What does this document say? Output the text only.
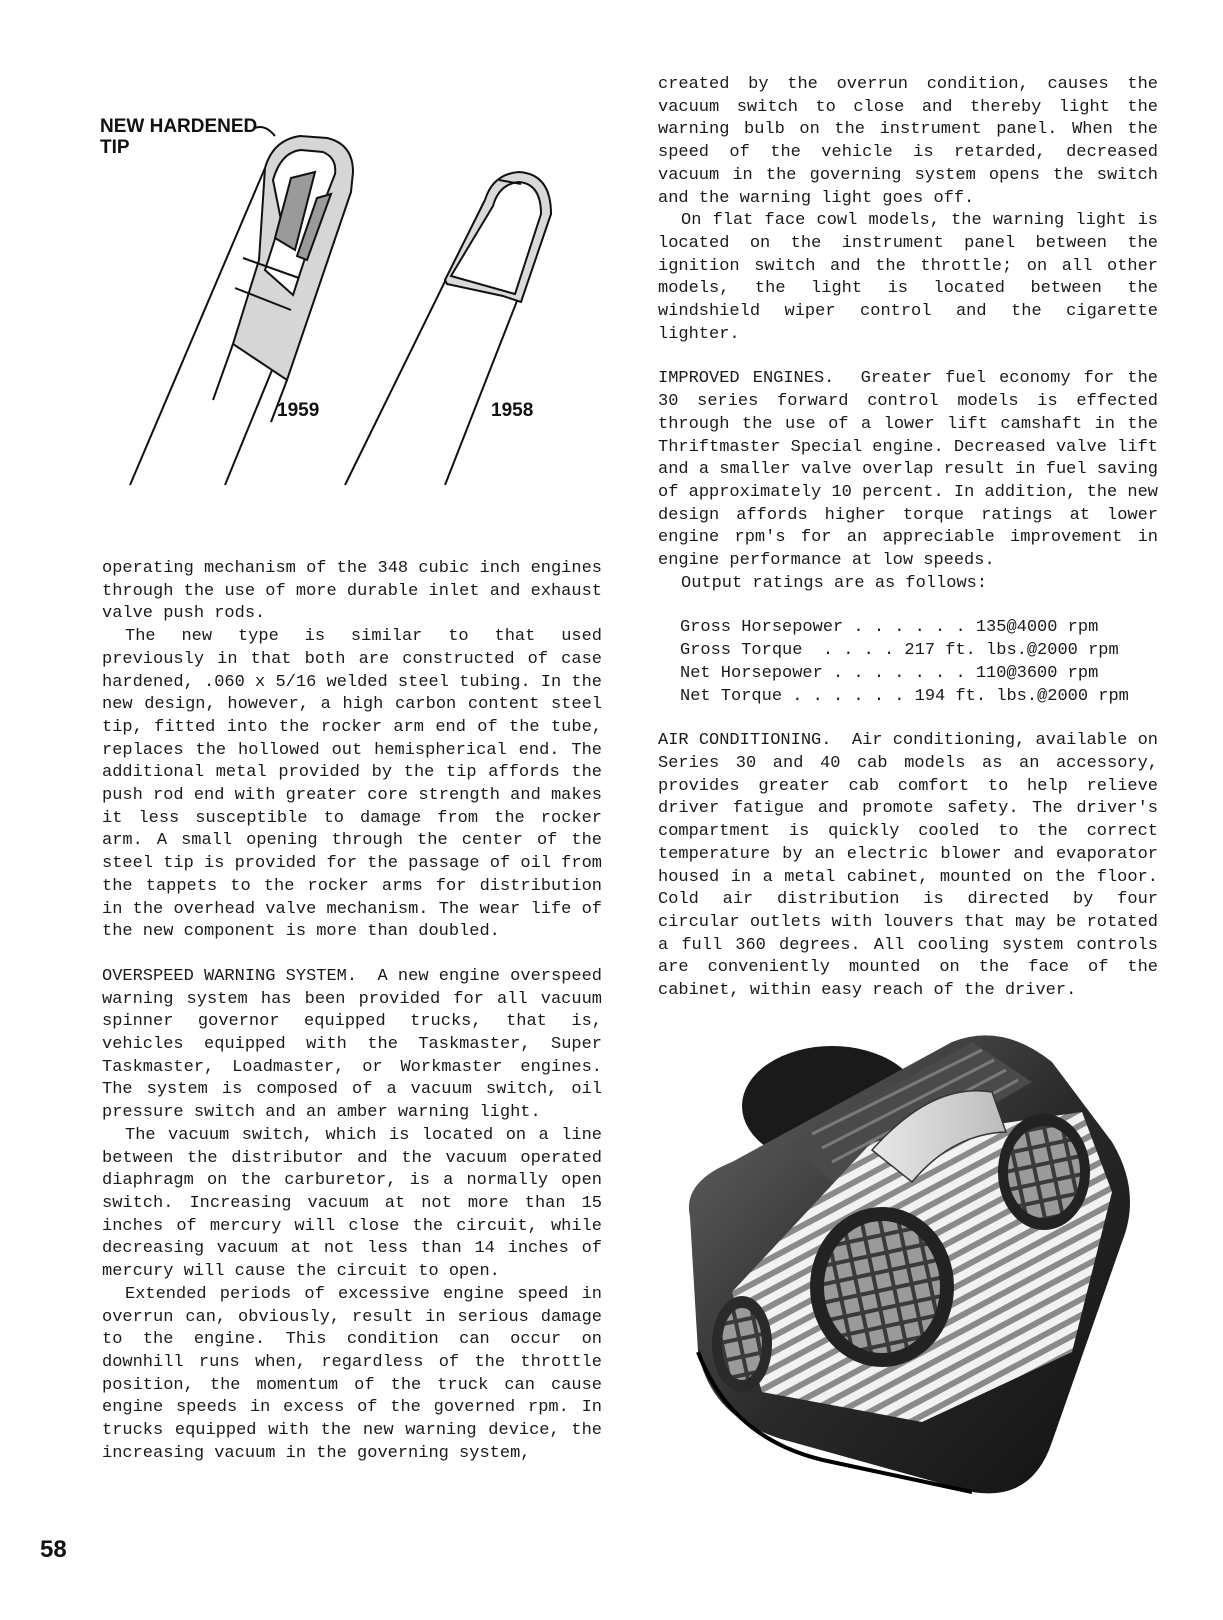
NEW HARDENED
TIP
1959	1958

operating mechanism of the 348 cubic inch engines through the use of more durable inlet and exhaust valve push rods.

The new type is similar to that used previously in that both are constructed of case hardened, .060 x 5/16 welded steel tubing. In the new design, however, a high carbon content steel tip, fitted into the rocker arm end of the tube, replaces the hollowed out hemispherical end. The additional metal provided by the tip affords the push rod end with greater core strength and makes it less susceptible to damage from the rocker arm. A small opening through the center of the steel tip is provided for the passage of oil from the tappets to the rocker arms for distribution in the overhead valve mechanism. The wear life of the new component is more than doubled.

OVERSPEED WARNING SYSTEM. A new engine overspeed warning system has been provided for all vacuum spinner governor equipped trucks, that is, vehicles equipped with the Taskmaster, Super Taskmaster, Loadmaster, or Workmaster engines. The system is composed of a vacuum switch, oil pressure switch and an amber warning light.

The vacuum switch, which is located on a line between the distributor and the vacuum operated diaphragm on the carburetor, is a normally open switch. Increasing vacuum at not more than 15 inches of mercury will close the circuit, while decreasing vacuum at not less than 14 inches of mercury will cause the circuit to open.

Extended periods of excessive engine speed in overrun can, obviously, result in serious damage to the engine. This condition can occur on downhill runs when, regardless of the throttle position, the momentum of the truck can cause engine speeds in excess of the governed rpm. In trucks equipped with the new warning device, the increasing vacuum in the governing system,

created by the overrun condition, causes the vacuum switch to close and thereby light the warning bulb on the instrument panel. When the speed of the vehicle is retarded, decreased vacuum in the governing system opens the switch and the warning light goes off.

On flat face cowl models, the warning light is located on the instrument panel between the ignition switch and the throttle; on all other models, the light is located between the windshield wiper control and the cigarette lighter.

IMPROVED ENGINES. Greater fuel economy for the 30 series forward control models is effected through the use of a lower lift camshaft in the Thriftmaster Special engine. Decreased valve lift and a smaller valve overlap result in fuel saving of approximately 10 percent. In addition, the new design affords higher torque ratings at lower engine rpm's for an appreciable improvement in engine performance at low speeds.

Output ratings are as follows:

Gross Horsepower . . . . . . 135@4000 rpm
Gross Torque  . . . . 217 ft. lbs.@2000 rpm
Net Horsepower . . . . . . . 110@3600 rpm
Net Torque . . . . . . 194 ft. lbs.@2000 rpm

AIR CONDITIONING. Air conditioning, available on Series 30 and 40 cab models as an accessory, provides greater cab comfort to help relieve driver fatigue and promote safety. The driver's compartment is quickly cooled to the correct temperature by an electric blower and evaporator housed in a metal cabinet, mounted on the floor. Cold air distribution is directed by four circular outlets with louvers that may be rotated a full 360 degrees. All cooling system controls are conveniently mounted on the face of the cabinet, within easy reach of the driver.

58
